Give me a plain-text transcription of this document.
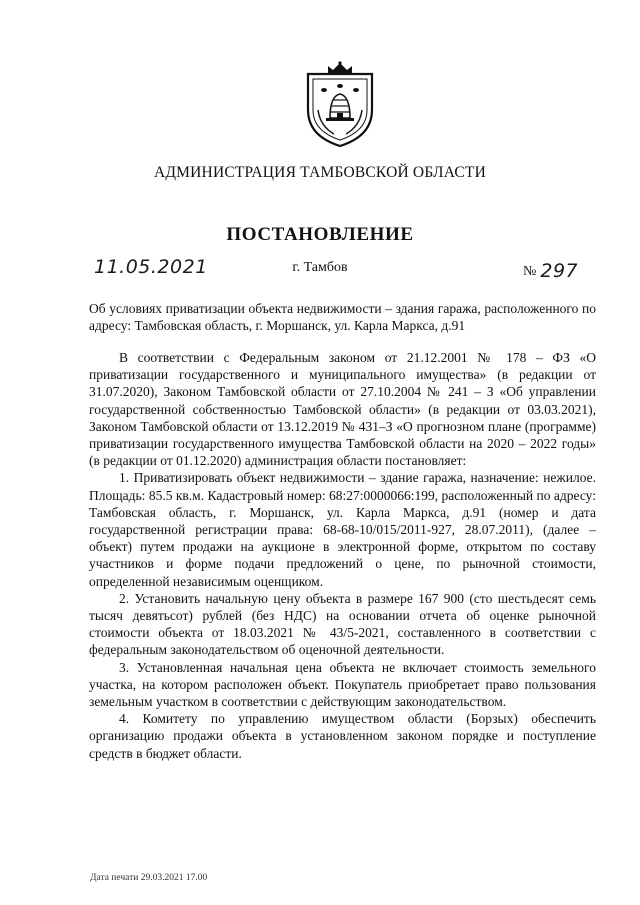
АДМИНИСТРАЦИЯ ТАМБОВСКОЙ ОБЛАСТИ
ПОСТАНОВЛЕНИЕ
11.05.2021	г. Тамбов	№ 297
Об условиях приватизации объекта недвижимости – здания гаража, расположенного по адресу: Тамбовская область, г. Моршанск, ул. Карла Маркса, д.91

В соответствии с Федеральным законом от 21.12.2001 № 178 – ФЗ «О приватизации государственного и муниципального имущества» (в редакции от 31.07.2020), Законом Тамбовской области от 27.10.2004 № 241 – З «Об управлении государственной собственностью Тамбовской области» (в редакции от 03.03.2021), Законом Тамбовской области от 13.12.2019 № 431–З «О прогнозном плане (программе) приватизации государственного имущества Тамбовской области на 2020 – 2022 годы» (в редакции от 01.12.2020) администрация области постановляет:

1. Приватизировать объект недвижимости – здание гаража, назначение: нежилое. Площадь: 85.5 кв.м. Кадастровый номер: 68:27:0000066:199, расположенный по адресу: Тамбовская область, г. Моршанск, ул. Карла Маркса, д.91 (номер и дата государственной регистрации права: 68-68-10/015/2011-927, 28.07.2011), (далее – объект) путем продажи на аукционе в электронной форме, открытом по составу участников и форме подачи предложений о цене, по рыночной стоимости, определенной независимым оценщиком.

2. Установить начальную цену объекта в размере 167 900 (сто шестьдесят семь тысяч девятьсот) рублей (без НДС) на основании отчета об оценке рыночной стоимости объекта от 18.03.2021 № 43/5-2021, составленного в соответствии с федеральным законодательством об оценочной деятельности.

3. Установленная начальная цена объекта не включает стоимость земельного участка, на котором расположен объект. Покупатель приобретает право пользования земельным участком в соответствии с действующим законодательством.

4. Комитету по управлению имуществом области (Борзых) обеспечить организацию продажи объекта в установленном законом порядке и поступление средств в бюджет области.

Дата печати 29.03.2021 17.00
